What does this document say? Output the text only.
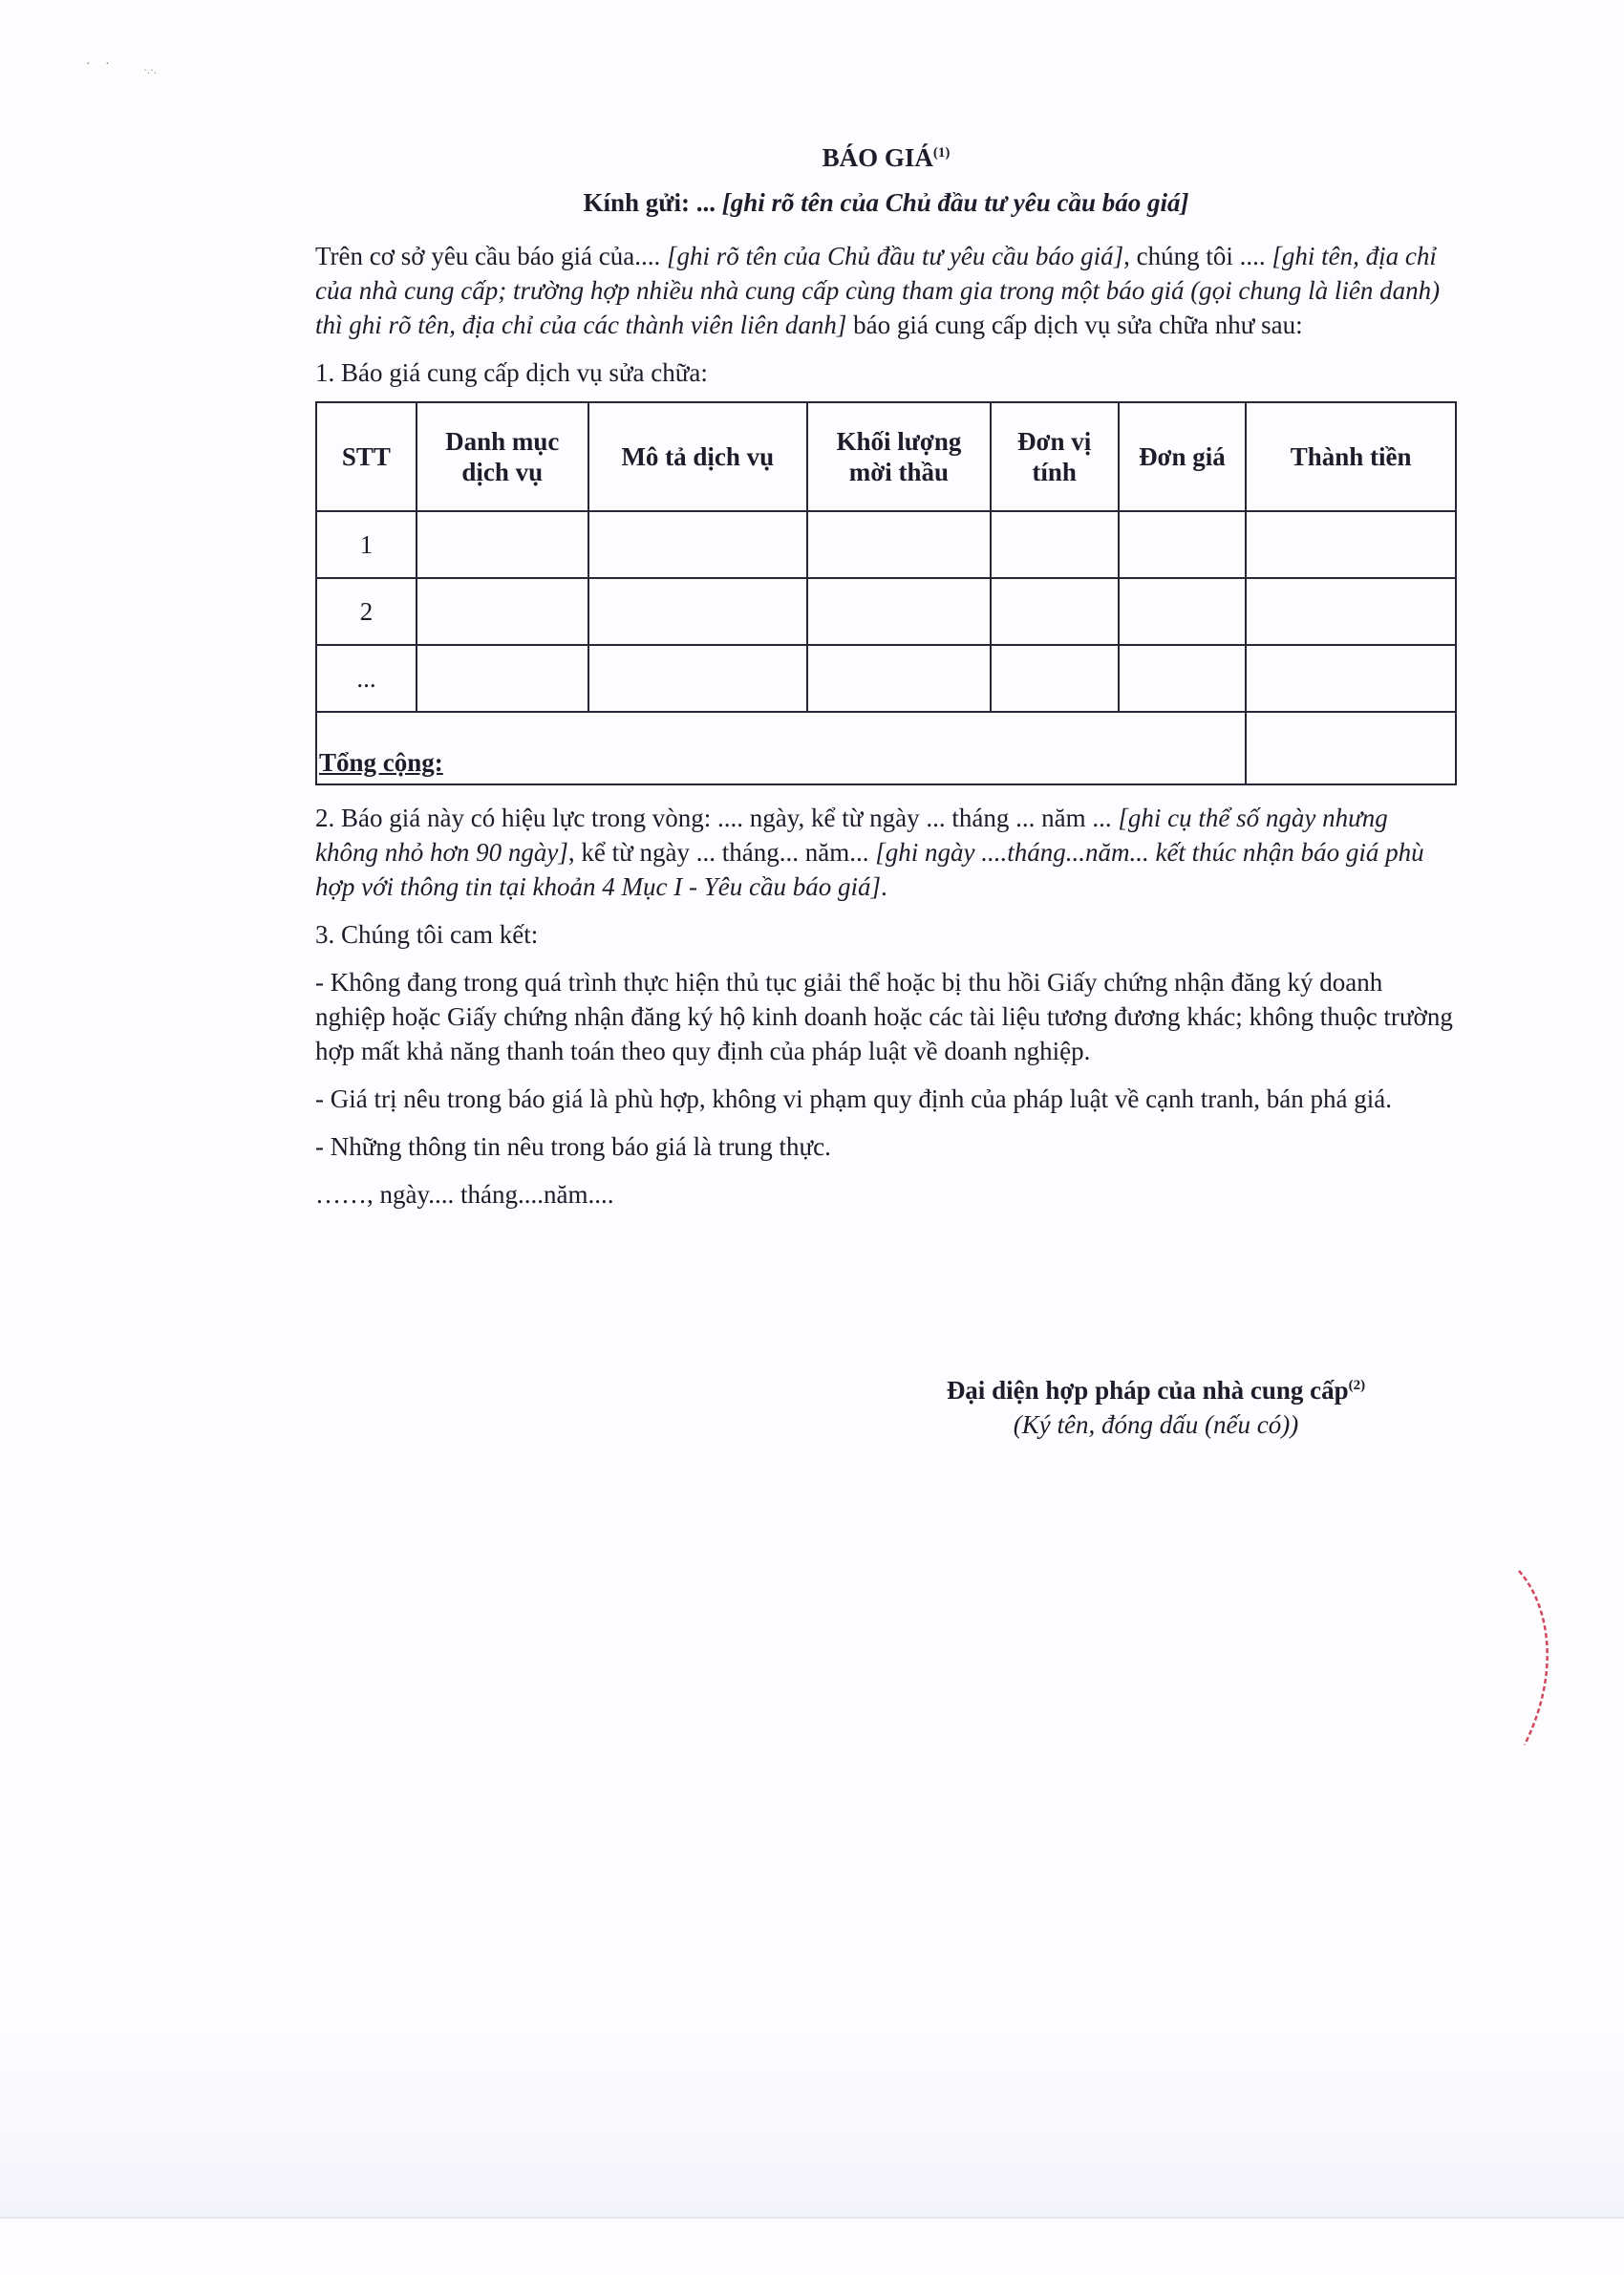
· · ·.·.
BÁO GIÁ$^{(1)}$
Kính gửi: ... [ghi rõ tên của Chủ đầu tư yêu cầu báo giá]

Trên cơ sở yêu cầu báo giá của.... [ghi rõ tên của Chủ đầu tư yêu cầu báo giá], chúng tôi .... [ghi tên, địa chỉ của nhà cung cấp; trường hợp nhiều nhà cung cấp cùng tham gia trong một báo giá (gọi chung là liên danh) thì ghi rõ tên, địa chỉ của các thành viên liên danh] báo giá cung cấp dịch vụ sửa chữa như sau:

1. Báo giá cung cấp dịch vụ sửa chữa:

STT	Danh mục dịch vụ	Mô tả dịch vụ	Khối lượng mời thầu	Đơn vị tính	Đơn giá	Thành tiền
1						
2						
...						
Tổng cộng:						

2. Báo giá này có hiệu lực trong vòng: .... ngày, kể từ ngày ... tháng ... năm ... [ghi cụ thể số ngày nhưng không nhỏ hơn 90 ngày], kể từ ngày ... tháng... năm... [ghi ngày ....tháng...năm... kết thúc nhận báo giá phù hợp với thông tin tại khoản 4 Mục I - Yêu cầu báo giá].

3. Chúng tôi cam kết:

- Không đang trong quá trình thực hiện thủ tục giải thể hoặc bị thu hồi Giấy chứng nhận đăng ký doanh nghiệp hoặc Giấy chứng nhận đăng ký hộ kinh doanh hoặc các tài liệu tương đương khác; không thuộc trường hợp mất khả năng thanh toán theo quy định của pháp luật về doanh nghiệp.

- Giá trị nêu trong báo giá là phù hợp, không vi phạm quy định của pháp luật về cạnh tranh, bán phá giá.

- Những thông tin nêu trong báo giá là trung thực.

……, ngày.... tháng....năm....

Đại diện hợp pháp của nhà cung cấp$^{(2)}$
(Ký tên, đóng dấu (nếu có))
